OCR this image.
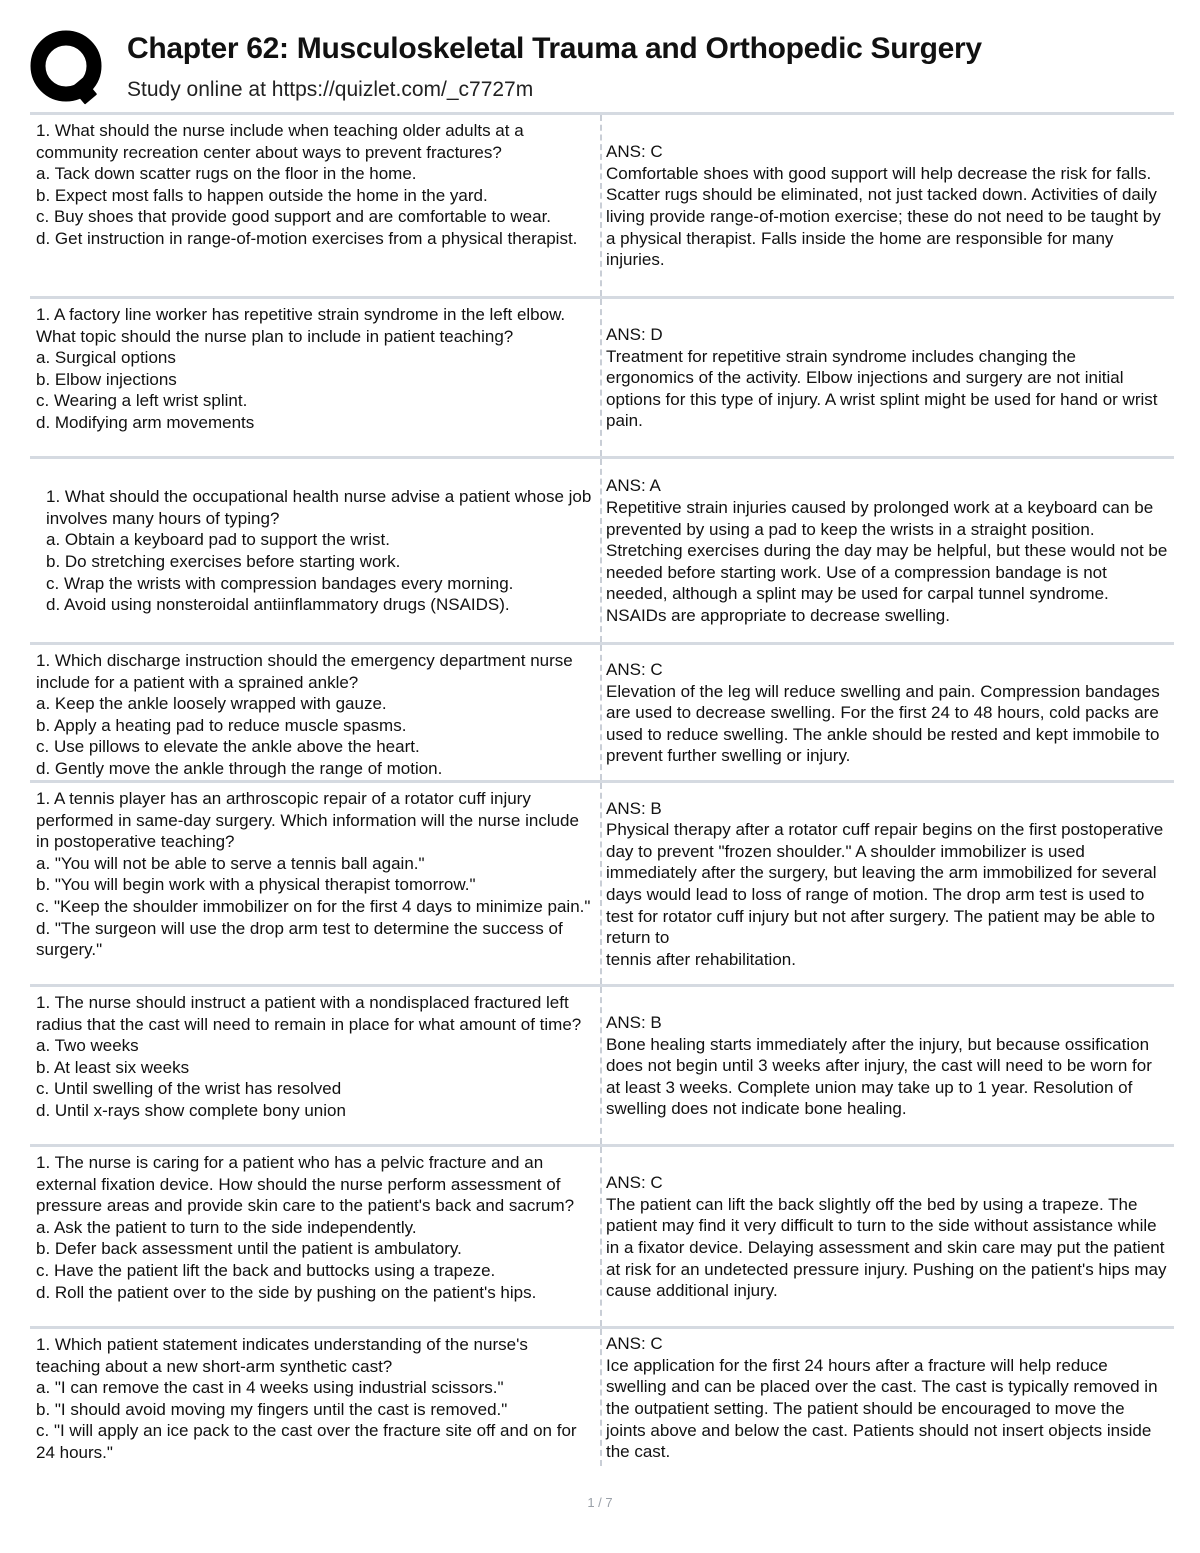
Chapter 62: Musculoskeletal Trauma and Orthopedic Surgery
Study online at https://quizlet.com/_c7727m
1. What should the nurse include when teaching older adults at a community recreation center about ways to prevent fractures?
a. Tack down scatter rugs on the floor in the home.
b. Expect most falls to happen outside the home in the yard.
c. Buy shoes that provide good support and are comfortable to wear.
d. Get instruction in range-of-motion exercises from a physical therapist.
ANS: C
Comfortable shoes with good support will help decrease the risk for falls. Scatter rugs should be eliminated, not just tacked down. Activities of daily living provide range-of-motion exercise; these do not need to be taught by a physical therapist. Falls inside the home are responsible for many injuries.
1. A factory line worker has repetitive strain syndrome in the left elbow. What topic should the nurse plan to include in patient teaching?
a. Surgical options
b. Elbow injections
c. Wearing a left wrist splint.
d. Modifying arm movements
ANS: D
Treatment for repetitive strain syndrome includes changing the ergonomics of the activity. Elbow injections and surgery are not initial options for this type of injury. A wrist splint might be used for hand or wrist pain.
1. What should the occupational health nurse advise a patient whose job involves many hours of typing?
a. Obtain a keyboard pad to support the wrist.
b. Do stretching exercises before starting work.
c. Wrap the wrists with compression bandages every morning.
d. Avoid using nonsteroidal antiinflammatory drugs (NSAIDS).
ANS: A
Repetitive strain injuries caused by prolonged work at a keyboard can be prevented by using a pad to keep the wrists in a straight position. Stretching exercises during the day may be helpful, but these would not be needed before starting work. Use of a compression bandage is not needed, although a splint may be used for carpal tunnel syndrome. NSAIDs are appropriate to decrease swelling.
1. Which discharge instruction should the emergency department nurse include for a patient with a sprained ankle?
a. Keep the ankle loosely wrapped with gauze.
b. Apply a heating pad to reduce muscle spasms.
c. Use pillows to elevate the ankle above the heart.
d. Gently move the ankle through the range of motion.
ANS: C
Elevation of the leg will reduce swelling and pain. Compression bandages are used to decrease swelling. For the first 24 to 48 hours, cold packs are used to reduce swelling. The ankle should be rested and kept immobile to prevent further swelling or injury.
1. A tennis player has an arthroscopic repair of a rotator cuff injury performed in same-day surgery. Which information will the nurse include in postoperative teaching?
a. "You will not be able to serve a tennis ball again."
b. "You will begin work with a physical therapist tomorrow."
c. "Keep the shoulder immobilizer on for the first 4 days to minimize pain."
d. "The surgeon will use the drop arm test to determine the success of surgery."
ANS: B
Physical therapy after a rotator cuff repair begins on the first postoperative day to prevent "frozen shoulder." A shoulder immobilizer is used immediately after the surgery, but leaving the arm immobilized for several days would lead to loss of range of motion. The drop arm test is used to test for rotator cuff injury but not after surgery. The patient may be able to return to
tennis after rehabilitation.
1. The nurse should instruct a patient with a nondisplaced fractured left radius that the cast will need to remain in place for what amount of time?
a. Two weeks
b. At least six weeks
c. Until swelling of the wrist has resolved
d. Until x-rays show complete bony union
ANS: B
Bone healing starts immediately after the injury, but because ossification does not begin until 3 weeks after injury, the cast will need to be worn for at least 3 weeks. Complete union may take up to 1 year. Resolution of swelling does not indicate bone healing.
1. The nurse is caring for a patient who has a pelvic fracture and an external fixation device. How should the nurse perform assessment of pressure areas and provide skin care to the patient's back and sacrum?
a. Ask the patient to turn to the side independently.
b. Defer back assessment until the patient is ambulatory.
c. Have the patient lift the back and buttocks using a trapeze.
d. Roll the patient over to the side by pushing on the patient's hips.
ANS: C
The patient can lift the back slightly off the bed by using a trapeze. The patient may find it very difficult to turn to the side without assistance while in a fixator device. Delaying assessment and skin care may put the patient at risk for an undetected pressure injury. Pushing on the patient's hips may cause additional injury.
1. Which patient statement indicates understanding of the nurse's teaching about a new short-arm synthetic cast?
a. "I can remove the cast in 4 weeks using industrial scissors."
b. "I should avoid moving my fingers until the cast is removed."
c. "I will apply an ice pack to the cast over the fracture site off and on for 24 hours."
ANS: C
Ice application for the first 24 hours after a fracture will help reduce swelling and can be placed over the cast. The cast is typically removed in the outpatient setting. The patient should be encouraged to move the joints above and below the cast. Patients should not insert objects inside the cast.
1 / 7
